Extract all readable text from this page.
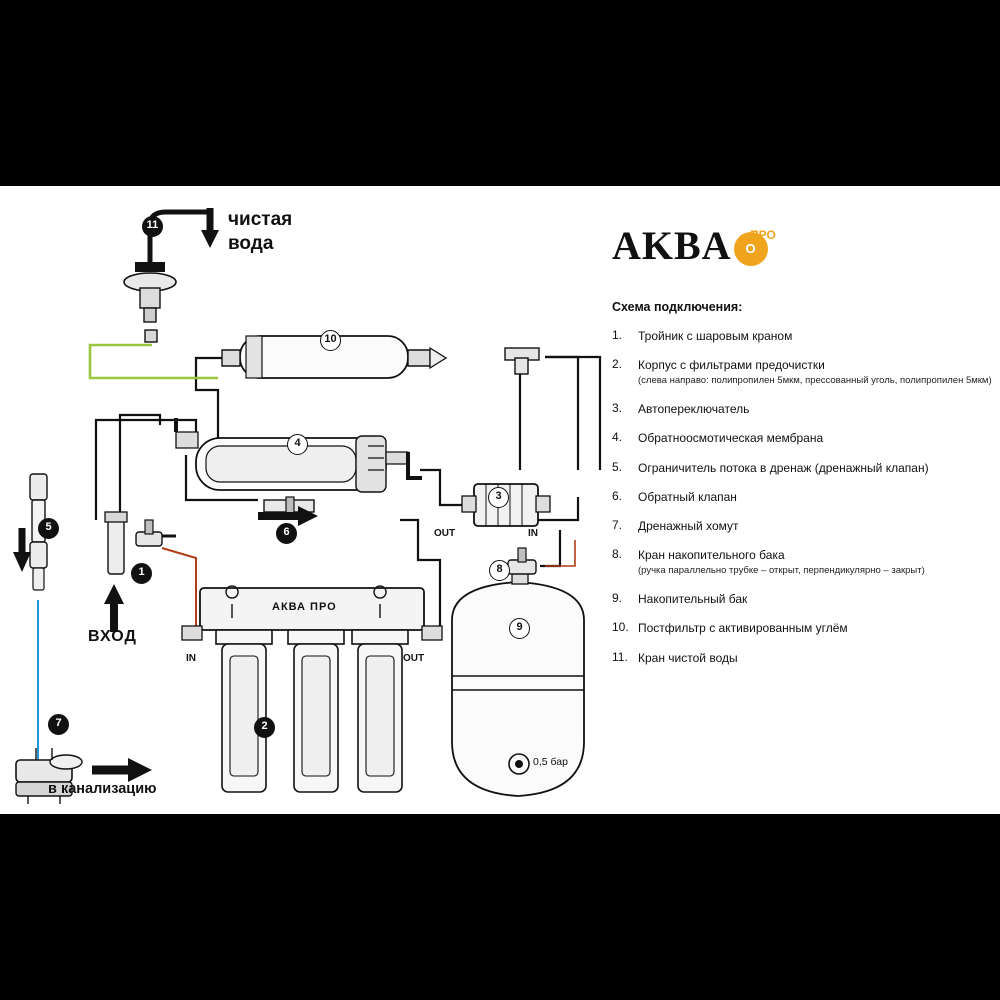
чистая
вода
ВХОД
в канализацию
0,5 бар
IN	OUT
OUT	IN
АКВА ПРО
11
10
4
3
6
5
1	8
9
2
7
AKBA O
ПРО
Схема подключения:
1.	Тройник с шаровым краном
2.	Корпус с фильтрами предочистки
(слева направо: полипропилен 5мкм, прессованный уголь, полипропилен 5мкм)
3.	Автопереключатель
4.	Обратноосмотическая мембрана
5.	Ограничитель потока в дренаж (дренажный клапан)
6.	Обратный клапан
7.	Дренажный хомут
8.	Кран накопительного бака
(ручка параллельно трубке – открыт, перпендикулярно – закрыт)
9.	Накопительный бак
10. Постфильтр с активированным углём
11. Кран чистой воды
